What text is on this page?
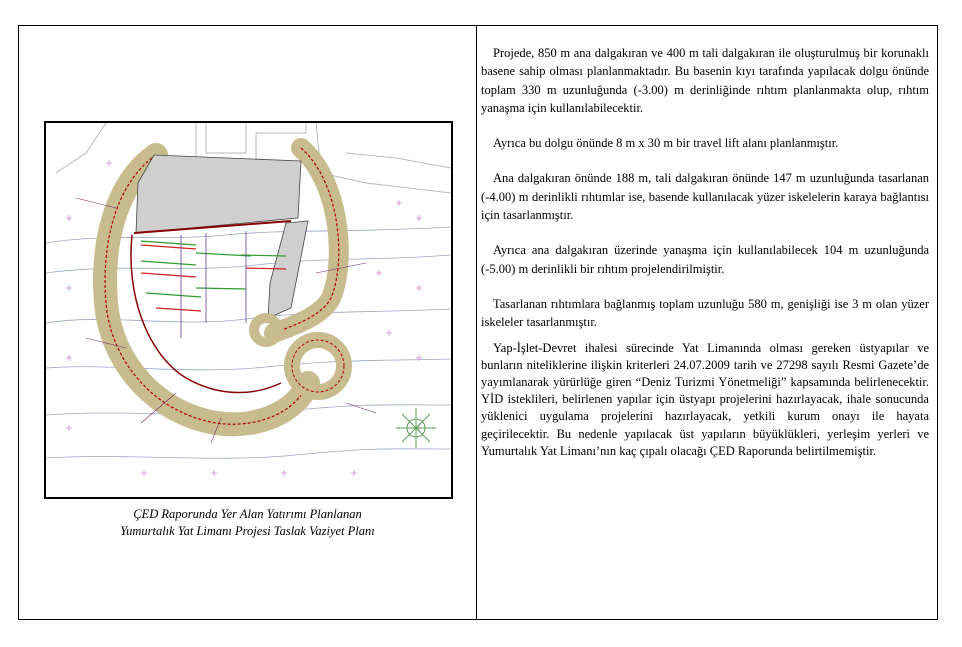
ÇED Raporunda Yer Alan Yatırımı Planlanan
Yumurtalık Yat Limanı Projesi Taslak Vaziyet Planı

Projede, 850 m ana dalgakıran ve 400 m tali dalgakıran ile oluşturulmuş bir korunaklı basene sahip olması planlanmaktadır. Bu basenin kıyı tarafında yapılacak dolgu önünde toplam 330 m uzunluğunda (-3.00) m derinliğinde rıhtım planlanmakta olup, rıhtım yanaşma için kullanılabilecektir.

Ayrıca bu dolgu önünde 8 m x 30 m bir travel lift alanı planlanmıştır.

Ana dalgakıran önünde 188 m, tali dalgakıran önünde 147 m uzunluğunda tasarlanan (-4.00) m derinlikli rıhtımlar ise, basende kullanılacak yüzer iskelelerin karaya bağlantısı için tasarlanmıştır.

Ayrıca ana dalgakıran üzerinde yanaşma için kullanılabilecek 104 m uzunluğunda (-5.00) m derinlikli bir rıhtım projelendirilmiştir.

Tasarlanan rıhtımlara bağlanmış toplam uzunluğu 580 m, genişliği ise 3 m olan yüzer iskeleler tasarlanmıştır.

Yap-İşlet-Devret ihalesi sürecinde Yat Limanında olması gereken üstyapılar ve bunların niteliklerine ilişkin kriterleri 24.07.2009 tarih ve 27298 sayılı Resmi Gazete’de yayımlanarak yürürlüğe giren “Deniz Turizmi Yönetmeliği” kapsamında belirlenecektir. YİD isteklileri, belirlenen yapılar için üstyapı projelerini hazırlayacak, ihale sonucunda yüklenici uygulama projelerini hazırlayacak, yetkili kurum onayı ile hayata geçirilecektir. Bu nedenle yapılacak üst yapıların büyüklükleri, yerleşim yerleri ve Yumurtalık Yat Limanı’nın kaç çıpalı olacağı ÇED Raporunda belirtilmemiştir.
